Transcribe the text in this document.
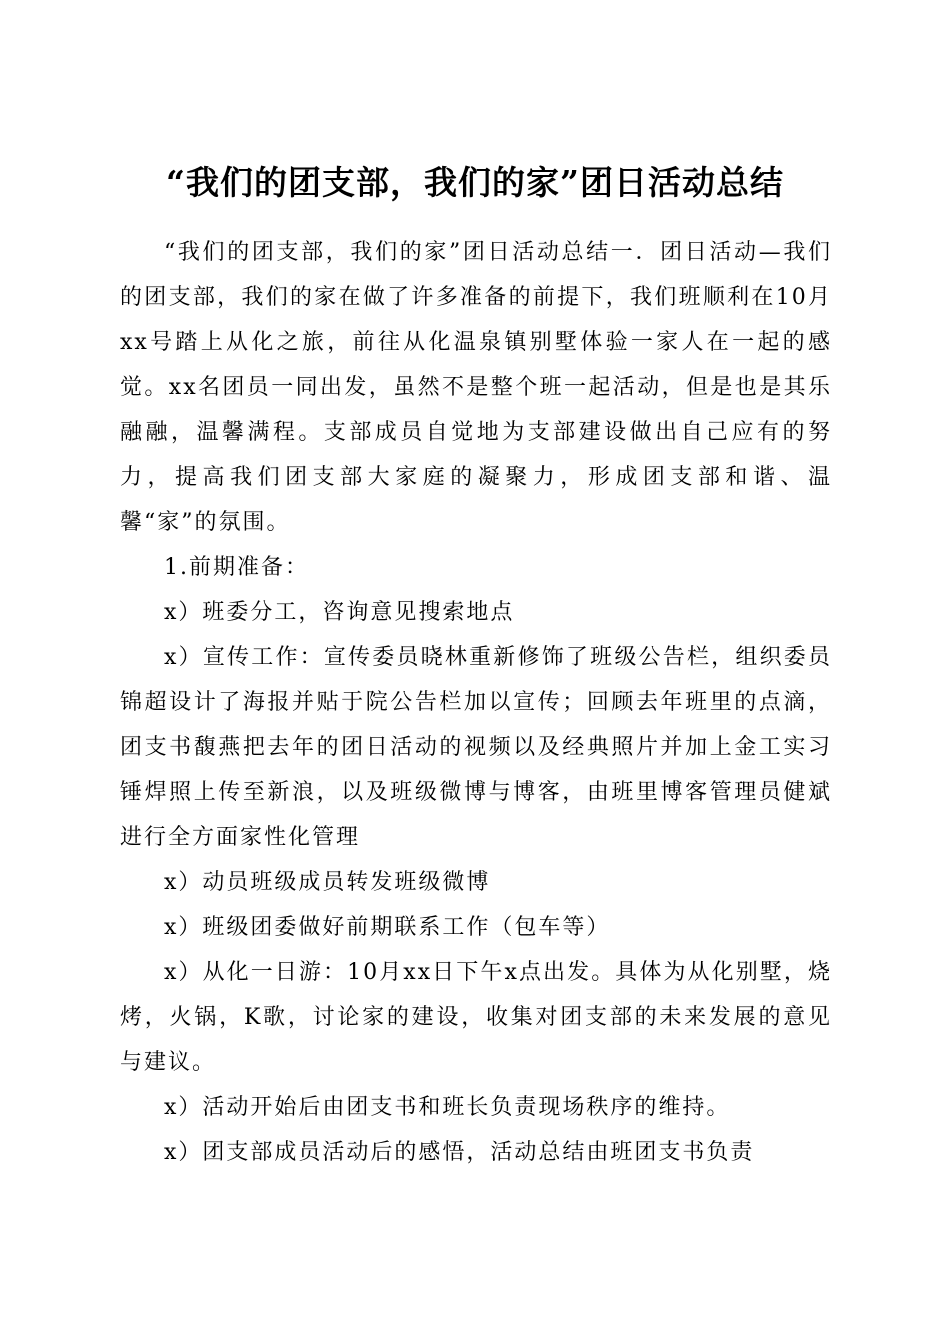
“我们的团支部，我们的家”团日活动总结

“我们的团支部，我们的家”团日活动总结一．团日活动—我们的团支部，我们的家在做了许多准备的前提下，我们班顺利在10月xx号踏上从化之旅，前往从化温泉镇别墅体验一家人在一起的感觉。xx名团员一同出发，虽然不是整个班一起活动，但是也是其乐融融，温馨满程。支部成员自觉地为支部建设做出自己应有的努力，提高我们团支部大家庭的凝聚力，形成团支部和谐、温馨“家”的氛围。

1.前期准备：

x）班委分工，咨询意见搜索地点

x）宣传工作：宣传委员晓林重新修饰了班级公告栏，组织委员锦超设计了海报并贴于院公告栏加以宣传；回顾去年班里的点滴，团支书馥燕把去年的团日活动的视频以及经典照片并加上金工实习锤焊照上传至新浪，以及班级微博与博客，由班里博客管理员健斌进行全方面家性化管理

x）动员班级成员转发班级微博

x）班级团委做好前期联系工作（包车等）

x）从化一日游：10月xx日下午x点出发。具体为从化别墅，烧烤，火锅，K歌，讨论家的建设，收集对团支部的未来发展的意见与建议。

x）活动开始后由团支书和班长负责现场秩序的维持。

x）团支部成员活动后的感悟，活动总结由班团支书负责
